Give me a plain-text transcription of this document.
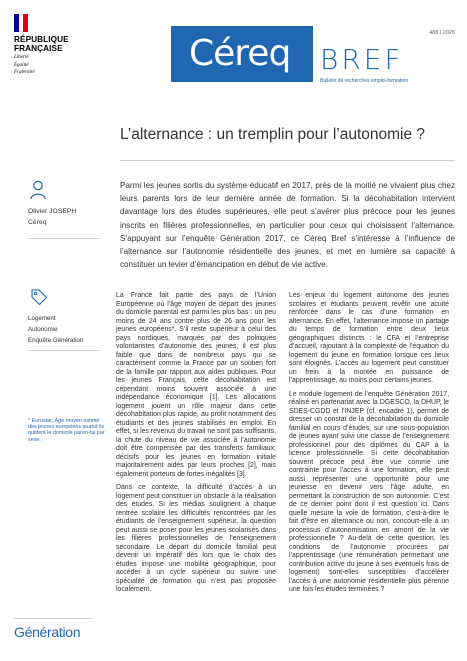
RÉPUBLIQUE
FRANÇAISE
Liberté
Égalité
Fraternité	Céreq BREF
488 | 2025
Bulletin de recherches emploi-formation
L’alternance : un tremplin pour l’autonomie ?
Olivier JOSEPH
Céreq
Logement
Autonomie
Enquête Génération
* Eurostat, Âge moyen estimé des jeunes européens quand ils quittent le domicile paren-tal par sexe.
Génération
Parmi les jeunes sortis du système éducatif en 2017, près de la moitié ne vivaient plus chez leurs parents lors de leur dernière année de formation. Si la décohabitation intervient davantage lors des études supérieures, elle peut s’avérer plus précoce pour les jeunes inscrits en filières professionnelles, en particulier pour ceux qui choisissent l’alternance. S’appuyant sur l’enquête Génération 2017, ce Céreq Bref s’intéresse à l’influence de l’alternance sur l’autonomie résidentielle des jeunes, et met en lumière sa capacité à constituer un levier d’émancipation en début de vie active.

La France fait partie des pays de l’Union Européenne où l’âge moyen de départ des jeunes du domicile parental est parmi les plus bas : un peu moins de 24 ans contre plus de 26 ans pour les jeunes européens*. S’il reste supérieur à celui des pays nordiques, marqués par des politiques volontaristes d’autonomie des jeunes, il est plus faible que dans de nombreux pays qui se caractérisent comme la France par un soutien fort de la famille par rapport aux aides publiques. Pour les jeunes Français, cette décohabitation est cependant moins souvent associée à une indépendance économique [1]. Les allocations logement jouent un rôle majeur dans cette décohabitation plus rapide, au profit notamment des étudiants et des jeunes stabilisés en emploi. En effet, si les revenus du travail ne sont pas suffisants, la chute du niveau de vie associée à l’autonomie doit être compensée par des transferts familiaux, décisifs pour les jeunes en formation initiale majoritairement aidés par leurs proches [2], mais également porteurs de fortes inégalités [3].

Dans ce contexte, la difficulté d’accès à un logement peut constituer un obstacle à la réalisation des études. Si les médias soulignent à chaque rentrée scolaire les difficultés rencontrées par les étudiants de l’enseignement supérieur, la question peut aussi se poser pour les jeunes scolarisés dans les filières professionnelles de l’enseignement secondaire. Le départ du domicile familial peut devenir un impératif dès lors que le choix des études impose une mobilité géographique, pour accéder à un cycle supérieur ou suivre une spécialité de formation qui n’est pas proposée localement.

Les enjeux du logement autonome des jeunes scolaires et étudiants peuvent revêtir une acuité renforcée dans le cas d’une formation en alternance. En effet, l’alternance impose un partage du temps de formation entre deux lieux géographiques distincts : le CFA et l’entreprise d’accueil, rajoutant à la complexité de l’équation du logement du jeune en formation lorsque ces lieux sont éloignés. L’accès au logement peut constituer un frein à la montée en puissance de l’apprentissage, au moins pour certains jeunes.

Le module logement de l’enquête Génération 2017, réalisé en partenariat avec la DGESCO, la DHUP, le SDES-CGDD et l’INJEP (cf. encadré 1), permet de dresser un constat de la décohabitation du domicile familial en cours d’études, sur une sous-population de jeunes ayant suivi une classe de l’enseignement professionnel pour des diplômes du CAP à la licence professionnelle. Si cette décohabitation souvent précoce peut être vue comme une contrainte pour l’accès à une formation, elle peut aussi représenter une opportunité pour une jeunesse en devenir vers l’âge adulte, en permettant la construction de son autonomie. C’est de ce dernier point dont il est question ici. Dans quelle mesure la voie de formation, c’est-à-dire le fait d’être en alternance ou non, concourt-elle à un processus d’autonomisation en amont de la vie professionnelle ? Au-delà de cette question, les conditions de l’autonomie procurées par l’apprentissage (une rémunération permettant une contribution active du jeune à ses éventuels frais de logement) sont-elles susceptibles d’accélérer l’accès à une autonomie résidentielle plus pérenne une fois les études terminées ?
